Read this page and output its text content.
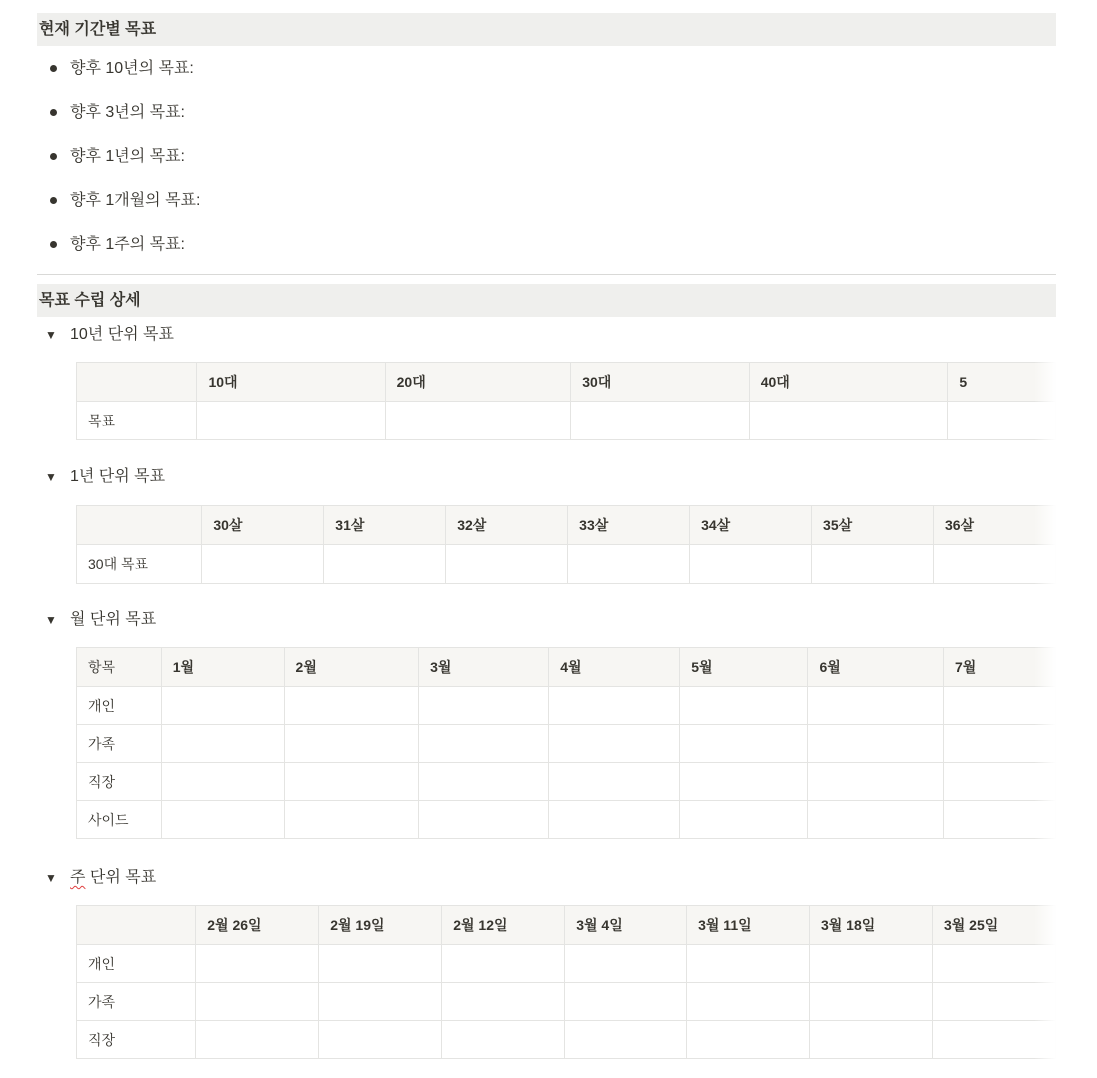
현재 기간별 목표
향후 10년의 목표:
향후 3년의 목표:
향후 1년의 목표:
향후 1개월의 목표:
향후 1주의 목표:
목표 수립 상세
▼ 10년 단위 목표
	10대	20대	30대	40대	5
목표					
▼ 1년 단위 목표
	30살	31살	32살	33살	34살	35살	36살
30대 목표							
▼ 월 단위 목표
항목	1월	2월	3월	4월	5월	6월	7월
개인							
가족							
직장							
사이드							
▼ 주 단위 목표
	2월 26일	2월 19일	2월 12일	3월 4일	3월 11일	3월 18일	3월 25일
개인							
가족							
직장							
